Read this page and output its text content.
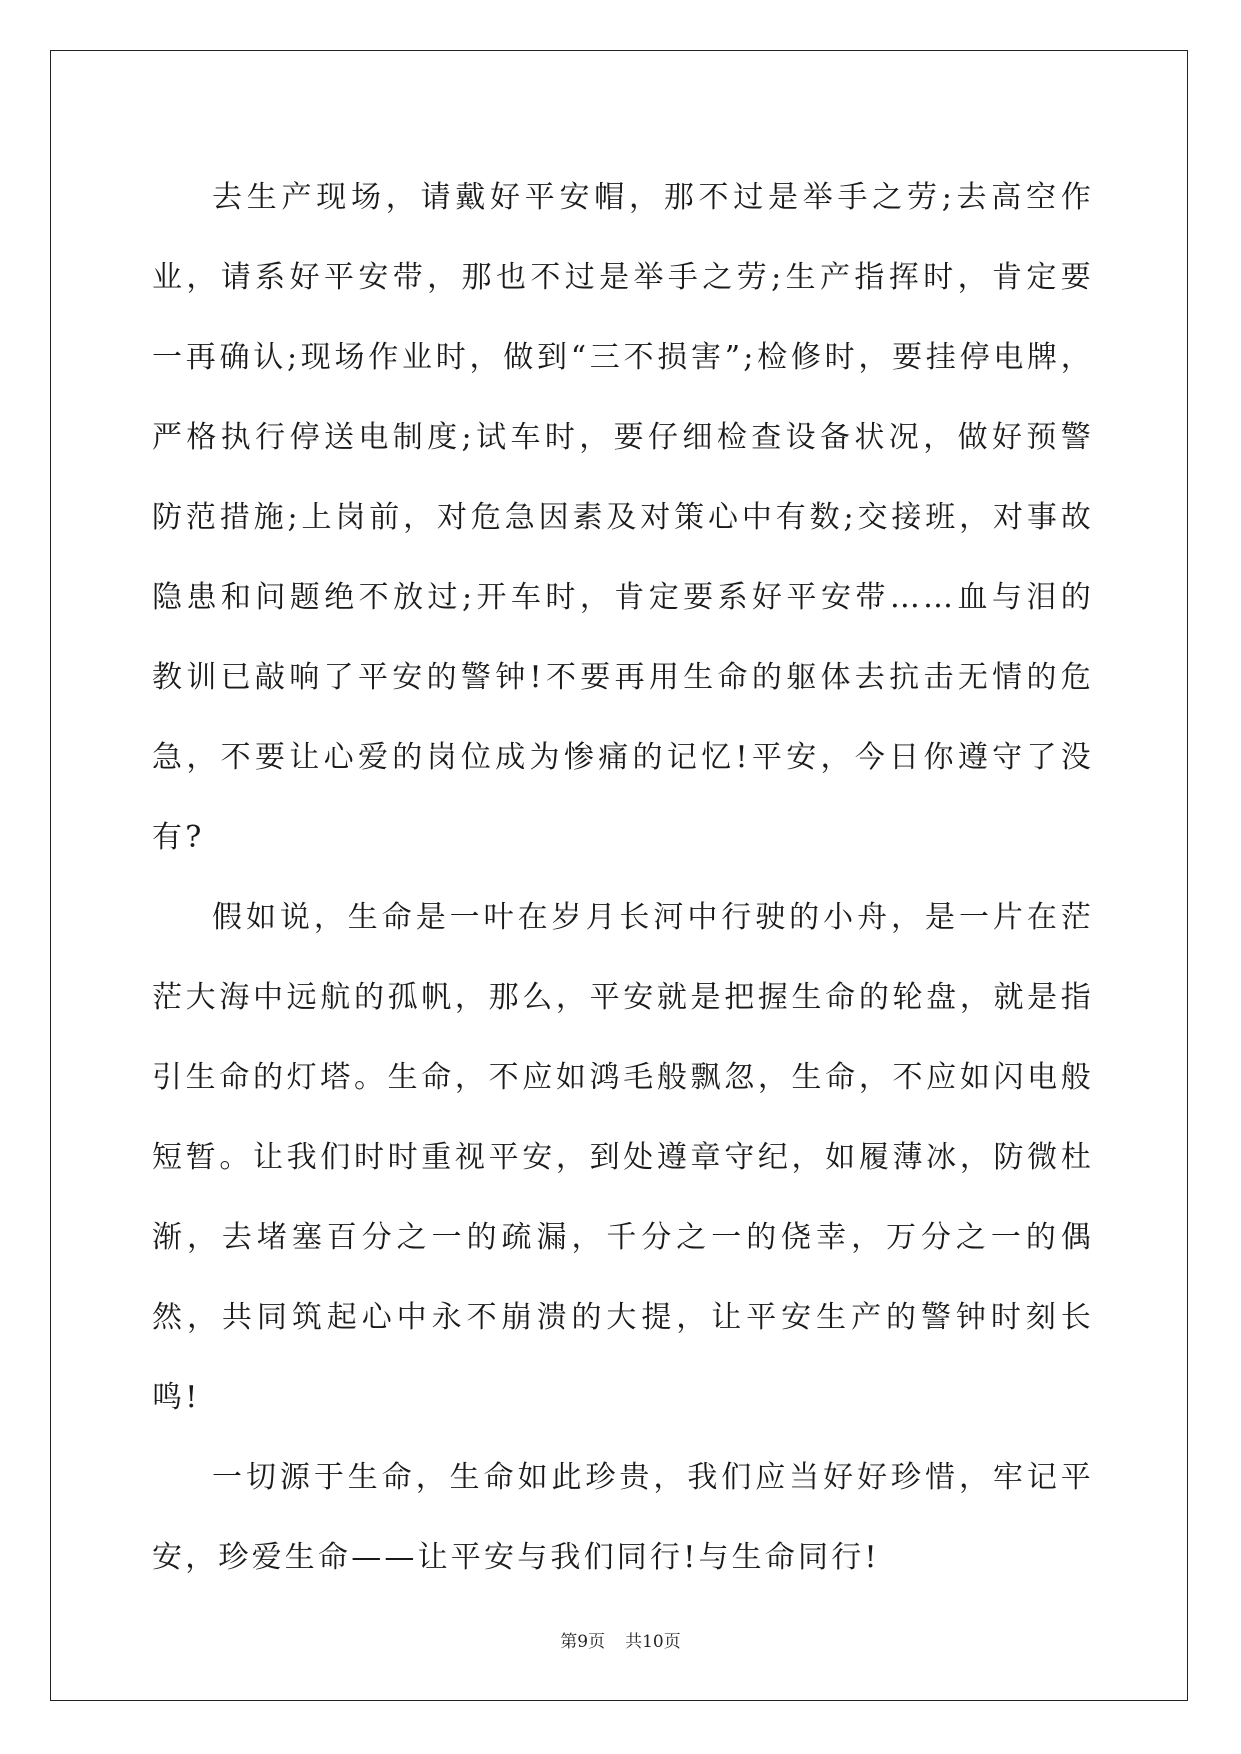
去生产现场，请戴好平安帽，那不过是举手之劳;去高空作业，请系好平安带，那也不过是举手之劳;生产指挥时，肯定要一再确认;现场作业时，做到“三不损害”;检修时，要挂停电牌，严格执行停送电制度;试车时，要仔细检查设备状况，做好预警防范措施;上岗前，对危急因素及对策心中有数;交接班，对事故隐患和问题绝不放过;开车时，肯定要系好平安带……血与泪的教训已敲响了平安的警钟!不要再用生命的躯体去抗击无情的危急，不要让心爱的岗位成为惨痛的记忆!平安，今日你遵守了没有?

假如说，生命是一叶在岁月长河中行驶的小舟，是一片在茫茫大海中远航的孤帆，那么，平安就是把握生命的轮盘，就是指引生命的灯塔。生命，不应如鸿毛般飘忽，生命，不应如闪电般短暂。让我们时时重视平安，到处遵章守纪，如履薄冰，防微杜渐，去堵塞百分之一的疏漏，千分之一的侥幸，万分之一的偶然，共同筑起心中永不崩溃的大提，让平安生产的警钟时刻长鸣!

一切源于生命，生命如此珍贵，我们应当好好珍惜，牢记平安，珍爱生命——让平安与我们同行!与生命同行!

第9页 共10页
